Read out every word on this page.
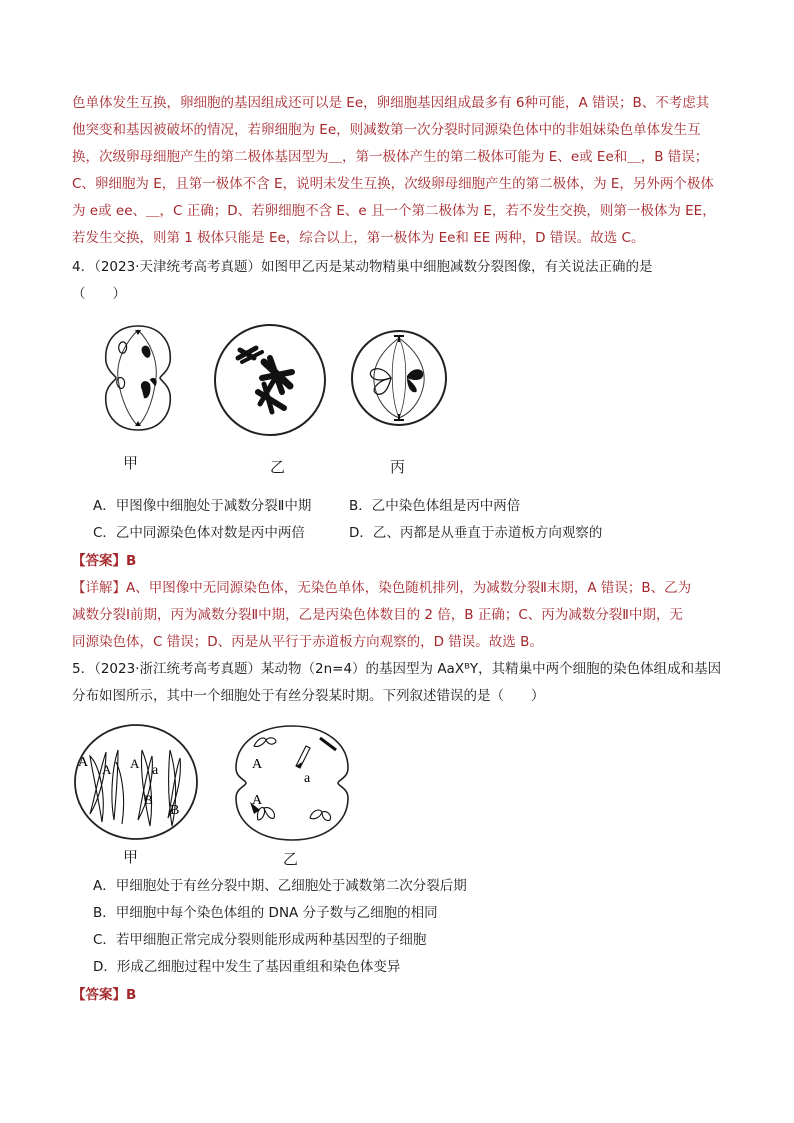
色单体发生互换，卵细胞的基因组成还可以是 Ee，卵细胞基因组成最多有 6种可能，A 错误；B、不考虑其
他突变和基因被破坏的情况，若卵细胞为 Ee，则减数第一次分裂时同源染色体中的非姐妹染色单体发生互
换，次级卵母细胞产生的第二极体基因型为＿，第一极体产生的第二极体可能为 E、e或 Ee和＿，B 错误；
C、卵细胞为 E，且第一极体不含 E，说明未发生互换，次级卵母细胞产生的第二极体，为 E，另外两个极体
为 e或 ee、＿，C 正确；D、若卵细胞不含 E、e 且一个第二极体为 E，若不发生交换，则第一极体为 EE，
若发生交换，则第 1 极体只能是 Ee，综合以上，第一极体为 Ee和 EE 两种，D 错误。故选 C。
4．（2023·天津统考高考真题）如图甲乙丙是某动物精巢中细胞减数分裂图像，有关说法正确的是
（　　）
甲	乙	丙
A．甲图像中细胞处于减数分裂Ⅱ中期	B．乙中染色体组是丙中两倍
C．乙中同源染色体对数是丙中两倍	D．乙、丙都是从垂直于赤道板方向观察的
【答案】B
【详解】A、甲图像中无同源染色体，无染色单体，染色随机排列，为减数分裂Ⅱ末期，A 错误；B、乙为
减数分裂Ⅰ前期，丙为减数分裂Ⅱ中期，乙是丙染色体数目的 2 倍，B 正确；C、丙为减数分裂Ⅱ中期，无
同源染色体，C 错误；D、丙是从平行于赤道板方向观察的，D 错误。故选 B。
5．（2023·浙江统考高考真题）某动物（2n=4）的基因型为 AaXᴮY，其精巢中两个细胞的染色体组成和基因
分布如图所示，其中一个细胞处于有丝分裂某时期。下列叙述错误的是（　　）
A A A a
B
B
甲
A
a
A
乙
A．甲细胞处于有丝分裂中期、乙细胞处于减数第二次分裂后期
B．甲细胞中每个染色体组的 DNA 分子数与乙细胞的相同
C．若甲细胞正常完成分裂则能形成两种基因型的子细胞
D．形成乙细胞过程中发生了基因重组和染色体变异
【答案】B
